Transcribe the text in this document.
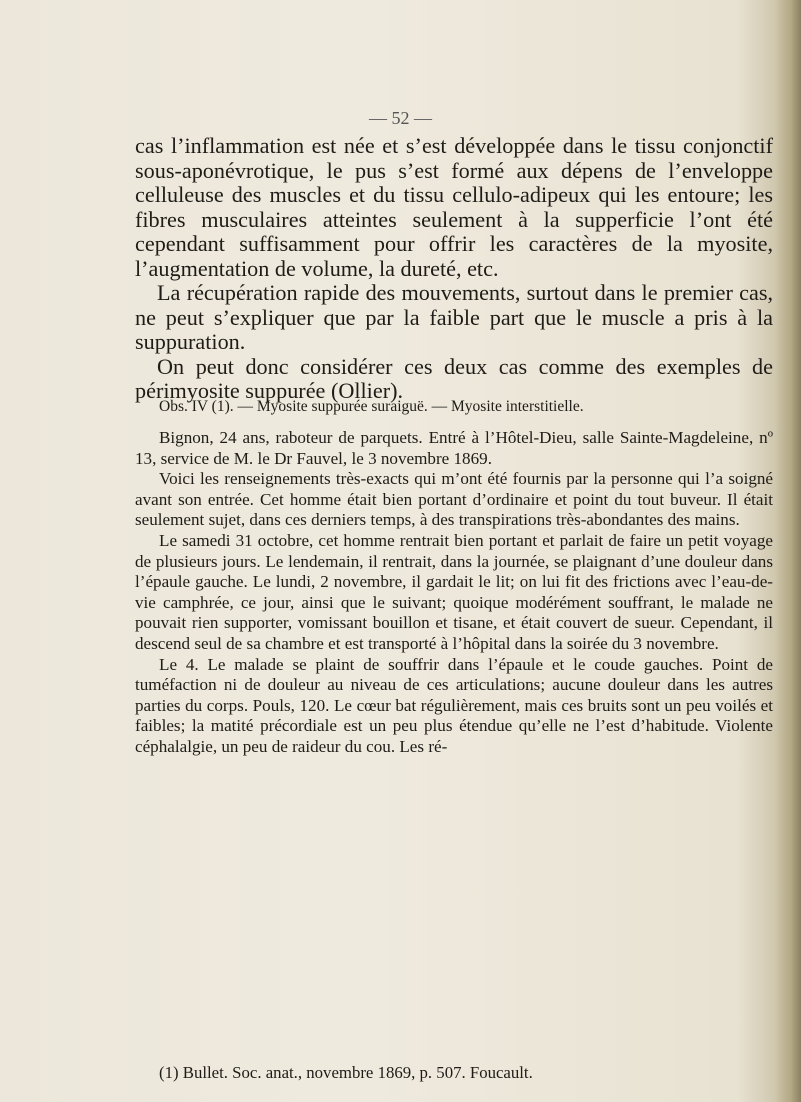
— 52 —

cas l’inflammation est née et s’est développée dans le tissu conjonctif sous-aponévrotique, le pus s’est formé aux dépens de l’enveloppe celluleuse des muscles et du tissu cellulo-adipeux qui les entoure; les fibres musculaires atteintes seulement à la supperficie l’ont été cependant suffisamment pour offrir les caractères de la myosite, l’augmentation de volume, la dureté, etc.

La récupération rapide des mouvements, surtout dans le premier cas, ne peut s’expliquer que par la faible part que le muscle a pris à la suppuration.

On peut donc considérer ces deux cas comme des exemples de périmyosite suppurée (Ollier).

Obs. IV (1). — Myosite suppurée suraiguë. — Myosite interstitielle.

Bignon, 24 ans, raboteur de parquets. Entré à l’Hôtel-Dieu, salle Sainte-Magdeleine, nº 13, service de M. le Dr Fauvel, le 3 novembre 1869.

Voici les renseignements très-exacts qui m’ont été fournis par la personne qui l’a soigné avant son entrée. Cet homme était bien portant d’ordinaire et point du tout buveur. Il était seulement sujet, dans ces derniers temps, à des transpirations très-abondantes des mains.

Le samedi 31 octobre, cet homme rentrait bien portant et parlait de faire un petit voyage de plusieurs jours. Le lendemain, il rentrait, dans la journée, se plaignant d’une douleur dans l’épaule gauche. Le lundi, 2 novembre, il gardait le lit; on lui fit des frictions avec l’eau-de-vie camphrée, ce jour, ainsi que le suivant; quoique modérément souffrant, le malade ne pouvait rien supporter, vomissant bouillon et tisane, et était couvert de sueur. Cependant, il descend seul de sa chambre et est transporté à l’hôpital dans la soirée du 3 novembre.

Le 4. Le malade se plaint de souffrir dans l’épaule et le coude gauches. Point de tuméfaction ni de douleur au niveau de ces articulations; aucune douleur dans les autres parties du corps. Pouls, 120. Le cœur bat régulièrement, mais ces bruits sont un peu voilés et faibles; la matité précordiale est un peu plus étendue qu’elle ne l’est d’habitude. Violente céphalalgie, un peu de raideur du cou. Les ré-

(1) Bullet. Soc. anat., novembre 1869, p. 507. Foucault.
